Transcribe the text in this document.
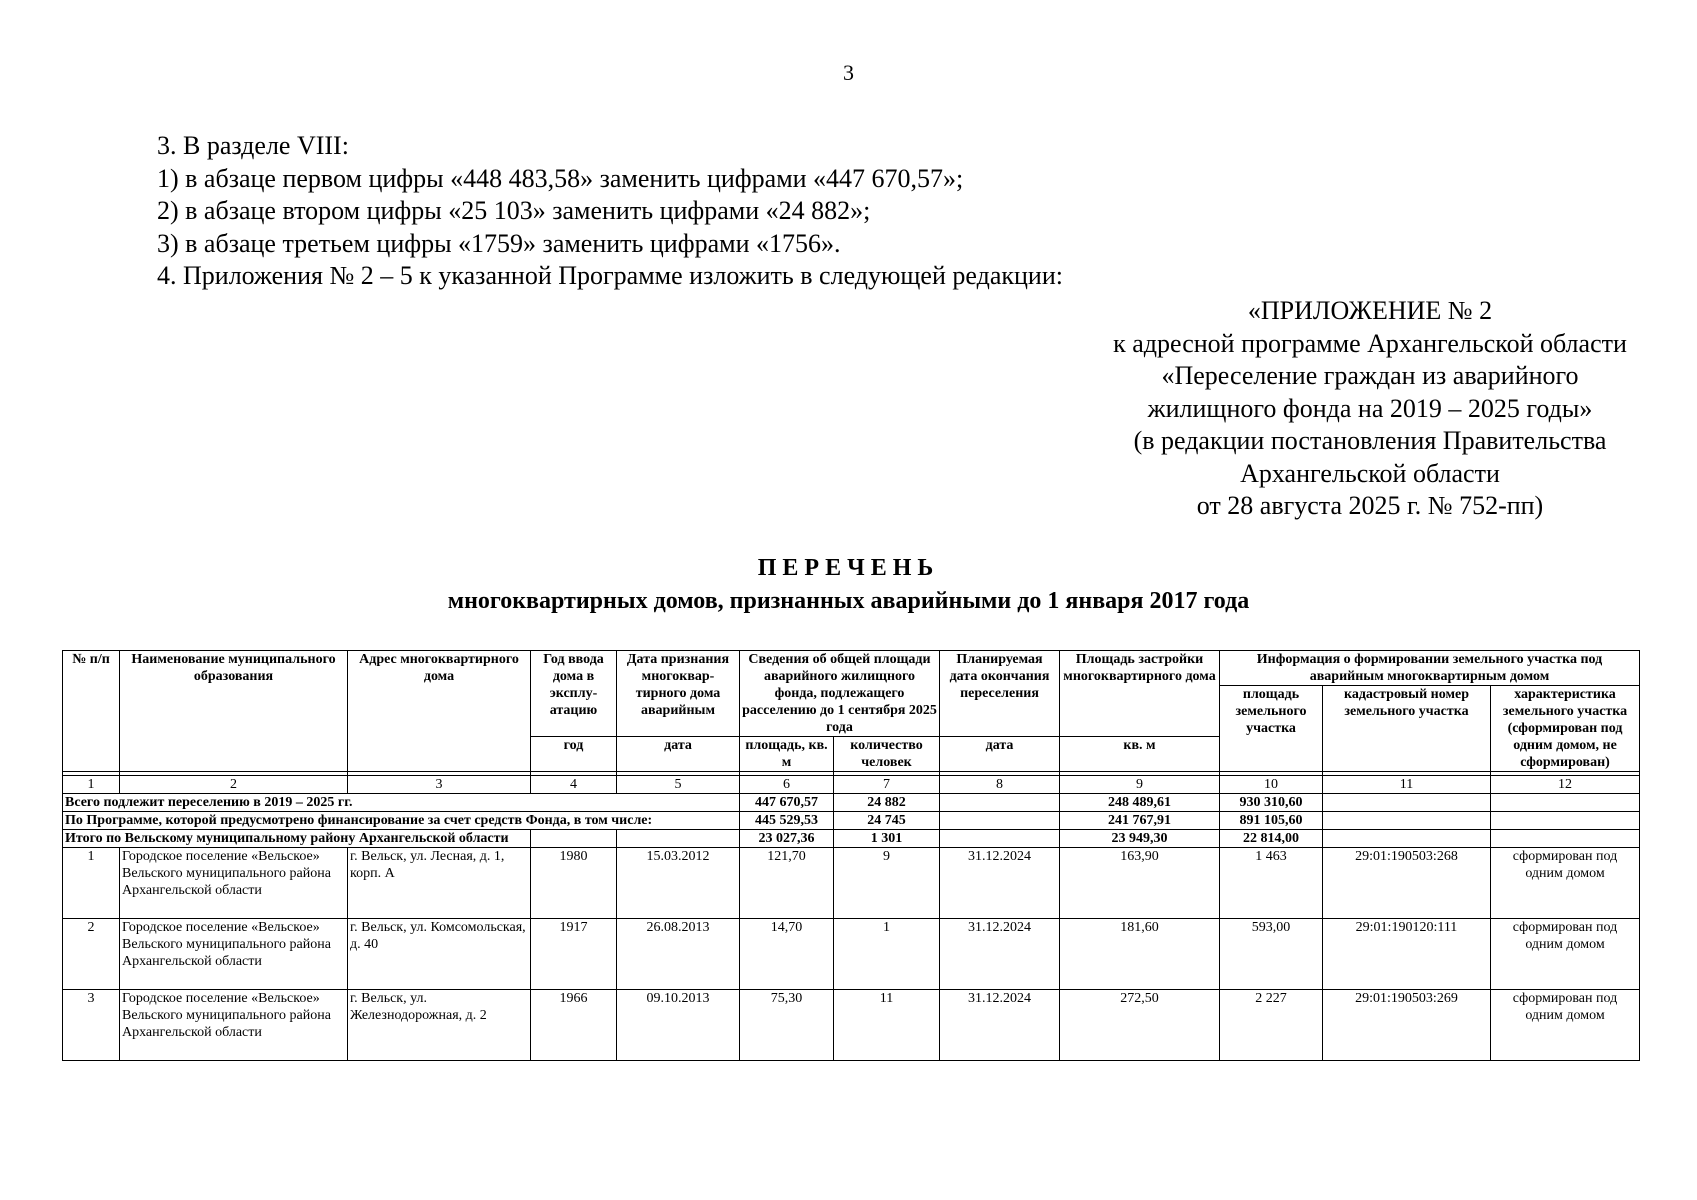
3

3. В разделе VIII:

1) в абзаце первом цифры «448 483,58» заменить цифрами «447 670,57»;

2) в абзаце втором цифры «25 103» заменить цифрами «24 882»;

3) в абзаце третьем цифры «1759» заменить цифрами «1756».

4. Приложения № 2 – 5 к указанной Программе изложить в следующей редакции:

«ПРИЛОЖЕНИЕ № 2

к адресной программе Архангельской области

«Переселение граждан из аварийного

жилищного фонда на 2019 – 2025 годы»

(в редакции постановления Правительства

Архангельской области

от 28 августа 2025 г. № 752-пп)

ПЕРЕЧЕНЬ
многоквартирных домов, признанных аварийными до 1 января 2017 года
№ п/п	Наименование муниципального образования	Адрес многоквартирного дома	Год ввода дома в эксплу-атацию	Дата признания многоквар-тирного дома аварийным	Сведения об общей площади аварийного жилищного фонда, подлежащего расселению до 1 сентября 2025 года		Планируемая дата окончания переселения	Площадь застройки многоквартирного дома	Информация о формировании земельного участка под аварийным многоквартирным домом		
									площадь земельного участка	кадастровый номер земельного участка	характеристика земельного участка (сформирован под одним домом, не сформирован)
			год	дата	площадь, кв. м	количество человек	дата	кв. м			

1	2	3	4	5	6	7	8	9	10	11	12
Всего подлежит переселению в 2019 – 2025 гг.					447 670,57	24 882		248 489,61	930 310,60		
По Программе, которой предусмотрено финансирование за счет средств Фонда, в том числе:					445 529,53	24 745		241 767,91	891 105,60		
Итого по Вельскому муниципальному району Архангельской области					23 027,36	1 301		23 949,30	22 814,00		
1	Городское поселение «Вельское» Вельского муниципального района Архангельской области	г. Вельск, ул. Лесная, д. 1, корп. А	1980	15.03.2012	121,70	9	31.12.2024	163,90	1 463	29:01:190503:268	сформирован под одним домом
2	Городское поселение «Вельское» Вельского муниципального района Архангельской области	г. Вельск, ул. Комсомольская, д. 40	1917	26.08.2013	14,70	1	31.12.2024	181,60	593,00	29:01:190120:111	сформирован под одним домом
3	Городское поселение «Вельское» Вельского муниципального района Архангельской области	г. Вельск, ул. Железнодорожная, д. 2	1966	09.10.2013	75,30	11	31.12.2024	272,50	2 227	29:01:190503:269	сформирован под одним домом
